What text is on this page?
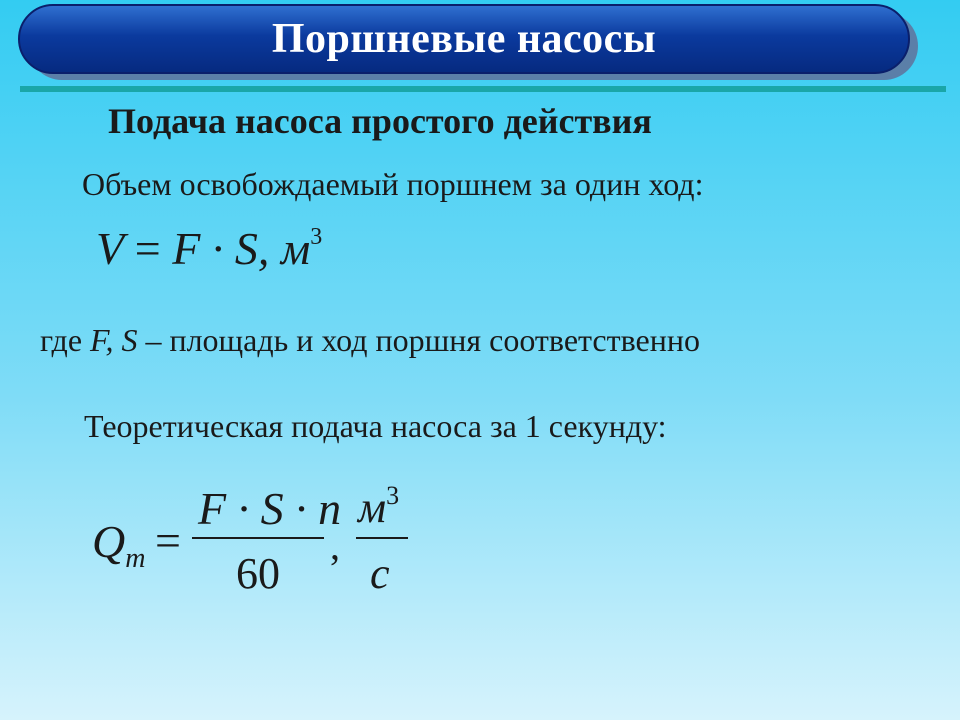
Поршневые насосы
Подача насоса простого действия
Объем освобождаемый поршнем за один ход:
V = F · S, $м^3$
где F, S – площадь и ход поршня соответственно
Теоретическая подача насоса за 1 секунду:
$Q_т$ =
F · S · n
60
,
$м^3$
с
